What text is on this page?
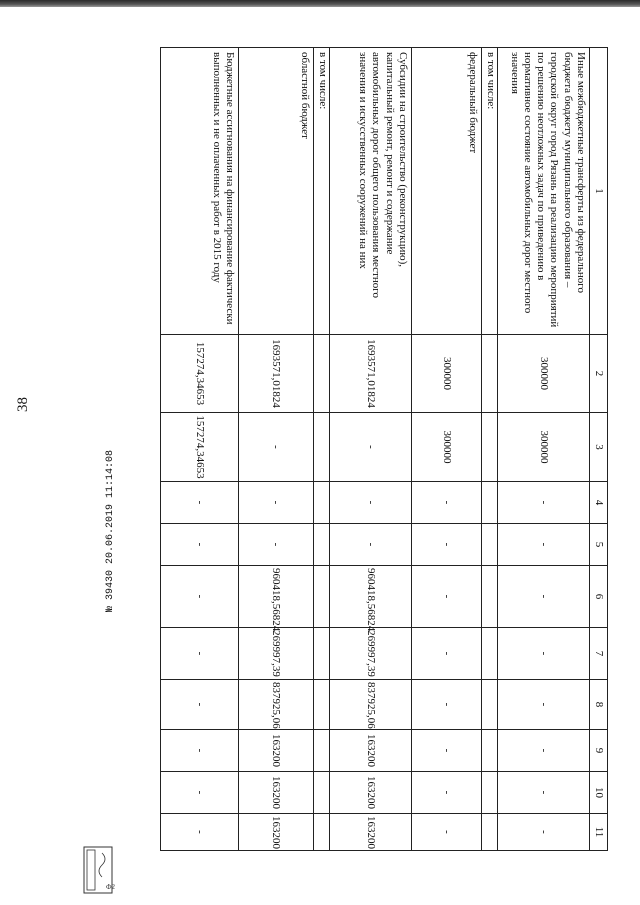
38
1	2	3	4	5	6	7	8	9	10	11
Иные межбюджетные трансферты из федерального бюджета бюджету муниципального образования – городской округ город Рязань на реализацию мероприятий по решению неотложных задач по приведению в нормативное состояние автомобильных дорог местного значения	300000	300000	-	-	-	-	-	-	-	-
в том числе:										
федеральный бюджет	300000	300000	-	-	-	-	-	-	-	-
Субсидии на строительство (реконструкцию), капитальный ремонт, ремонт и содержание автомобильных дорог общего пользования местного значения и искусственных сооружений на них	1693571,01824	-	-	-	960418,56824	269997,39	837925,06	163200	163200	163200
в том числе:										
областной бюджет	1693571,01824	-	-	-	960418,56824	269997,39	837925,06	163200	163200	163200
Бюджетные ассигнования на финансирование фактически выполненных и не оплаченных работ в 2015 году	157274,34653	157274,34653	-	-	-	-	-	-	-	-
Ф2
№ 39430 20.06.2019 11:14:08
